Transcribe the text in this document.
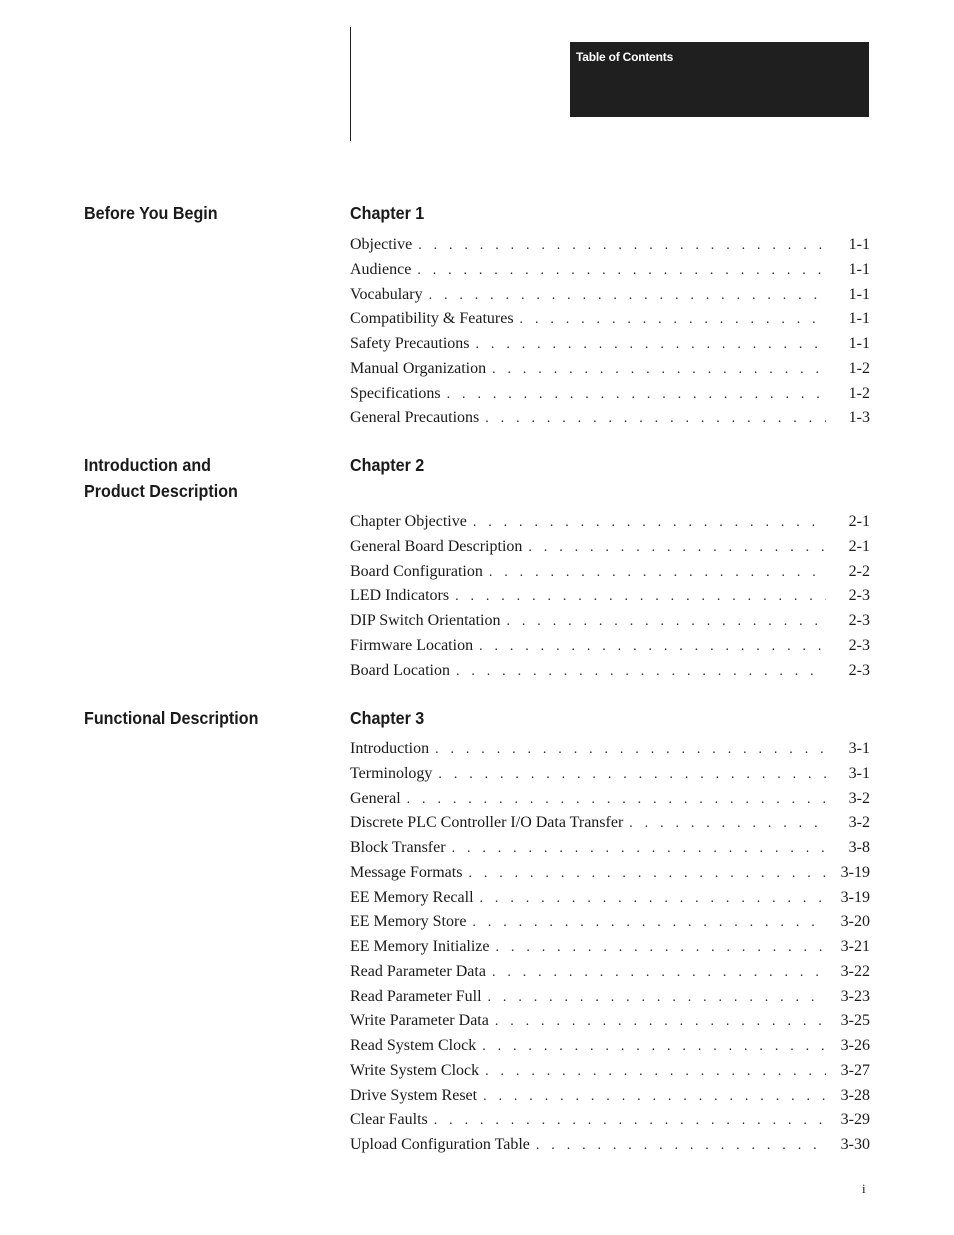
Table of Contents
Before You Begin	Chapter 1
Objective . . .	1-1
Audience . . .	1-1
Vocabulary . . .	1-1
Compatibility & Features . . .	1-1
Safety Precautions . . .	1-1
Manual Organization . . .	1-2
Specifications . . .	1-2
General Precautions . . .	1-3
Introduction and
Product Description
Chapter 2
Chapter Objective . . .	2-1
General Board Description . . .	2-1
Board Configuration . . .	2-2
LED Indicators . . .	2-3
DIP Switch Orientation . . .	2-3
Firmware Location . . .	2-3
Board Location . . .	2-3
Functional Description	Chapter 3
Introduction . . .	3-1
Terminology . . .	3-1
General . . .	3-2
Discrete PLC Controller I/O Data Transfer . . .	3-2
Block Transfer . . .	3-8
Message Formats . . .	3-19
EE Memory Recall . . .	3-19
EE Memory Store . . .	3-20
EE Memory Initialize . . .	3-21
Read Parameter Data . . .	3-22
Read Parameter Full . . .	3-23
Write Parameter Data . . .	3-25
Read System Clock . . .	3-26
Write System Clock . . .	3-27
Drive System Reset . . .	3-28
Clear Faults . . .	3-29
Upload Configuration Table . . .	3-30
i
